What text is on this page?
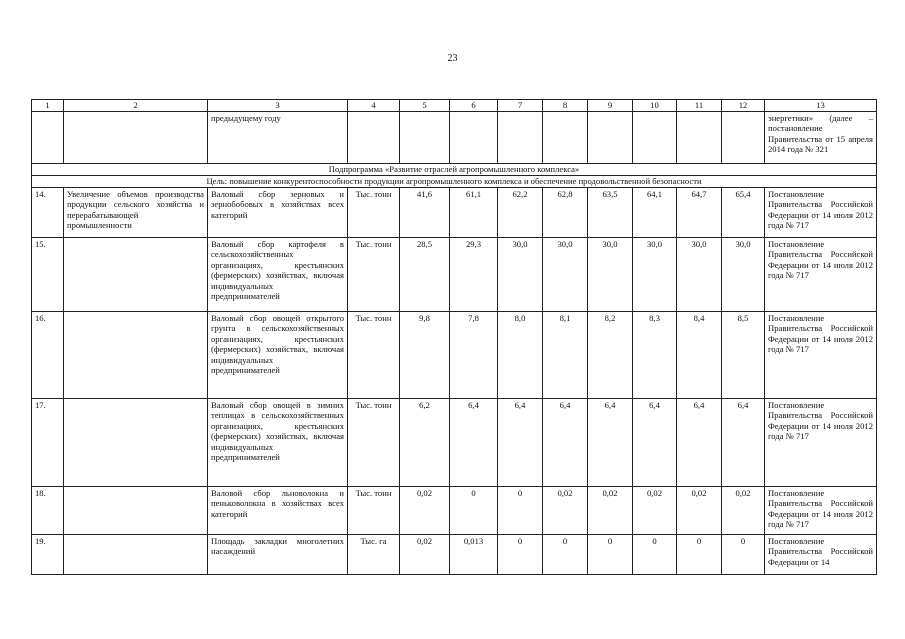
23
1	2	3	4	5	6	7	8	9	10	11	12	13
		предыдущему году										энергетики» (далее – постановление Правительства от 15 апреля 2014 года № 321
Подпрограмма «Развитие отраслей агропромышленного комплекса»												
Цель: повышение конкурентоспособности продукции агропромышленного комплекса и обеспечение продовольственной безопасности												
14.	Увеличение объемов производства продукции сельского хозяйства и перерабатывающей промышленности	Валовый сбор зерновых и зернобобовых в хозяйствах всех категорий	Тыс. тонн	41,6	61,1	62,2	62,8	63,5	64,1	64,7	65,4	Постановление Правительства Российской Федерации от 14 июля 2012 года № 717
15.		Валовый сбор картофеля в сельскохозяйственных организациях, крестьянских (фермерских) хозяйствах, включая индивидуальных предпринимателей	Тыс. тонн	28,5	29,3	30,0	30,0	30,0	30,0	30,0	30,0	Постановление Правительства Российской Федерации от 14 июля 2012 года № 717
16.		Валовый сбор овощей открытого грунта в сельскохозяйственных организациях, крестьянских (фермерских) хозяйствах, включая индивидуальных предпринимателей	Тыс. тонн	9,8	7,8	8,0	8,1	8,2	8,3	8,4	8,5	Постановление Правительства Российской Федерации от 14 июля 2012 года № 717
17.		Валовый сбор овощей в зимних теплицах в сельскохозяйственных организациях, крестьянских (фермерских) хозяйствах, включая индивидуальных предпринимателей	Тыс. тонн	6,2	6,4	6,4	6,4	6,4	6,4	6,4	6,4	Постановление Правительства Российской Федерации от 14 июля 2012 года № 717
18.		Валовой сбор льноволокна и пеньковолокна в хозяйствах всех категорий	Тыс. тонн	0,02	0	0	0,02	0,02	0,02	0,02	0,02	Постановление Правительства Российской Федерации от 14 июля 2012 года № 717
19.		Площадь закладки многолетних насаждений	Тыс. га	0,02	0,013	0	0	0	0	0	0	Постановление Правительства Российской Федерации от 14
